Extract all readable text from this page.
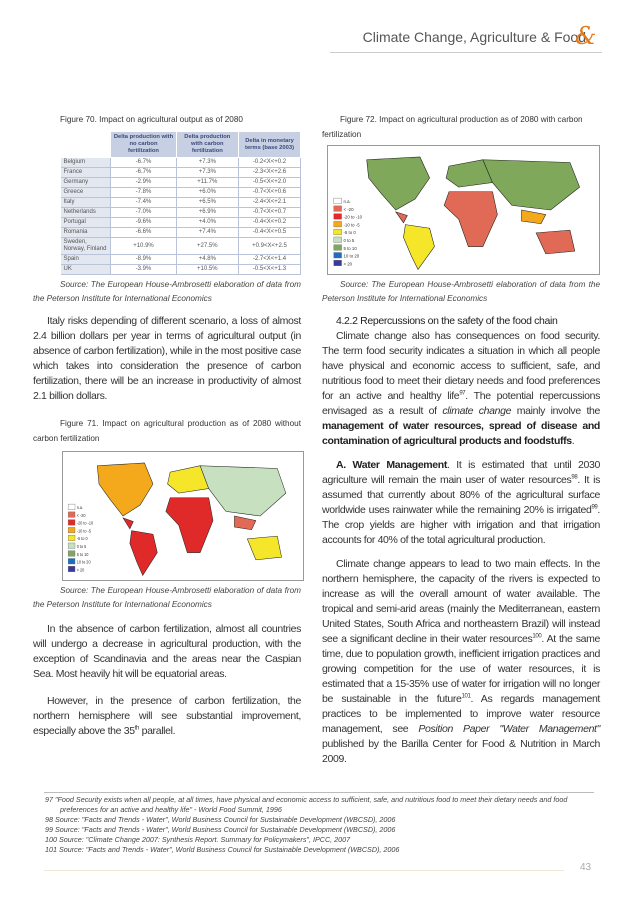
Climate Change, Agriculture & Food
&

Figure 70. Impact on agricultural output as of 2080

	Delta production with no carbon fertilization	Delta production with carbon fertilization	Delta in monetary terms (base 2003)
Belgium	-6.7%	+7.3%	-0.2<X<+0.2
France	-6.7%	+7.3%	-2.3<X<+2.6
Germany	-2.9%	+11.7%	-0.5<X<+2.0
Greece	-7.8%	+6.0%	-0.7<X<+0.6
Italy	-7.4%	+6.5%	-2.4<X<+2.1
Netherlands	-7.0%	+6.9%	-0.7<X<+0.7
Portugal	-9.6%	+4.0%	-0.4<X<+0.2
Romania	-6.6%	+7.4%	-0.4<X<+0.5
Sweden, Norway, Finland	+10.9%	+27.5%	+0.9<X<+2.5
Spain	-8.9%	+4.8%	-2.7<X<+1.4
UK	-3.9%	+10.5%	-0.5<X<+1.3

Source: The European House-Ambrosetti elaboration of data from the Peterson Institute for International Economics

Italy risks depending of different scenario, a loss of almost 2.4 billion dollars per year in terms of agricultural output (in absence of carbon fertilization), while in the most positive case which takes into consideration the presence of carbon fertilization, there will be an increase in productivity of almost 2.1 billion dollars.

Figure 71. Impact on agricultural production as of 2080 without carbon fertilization

n.a.
< -20
-20 to -10
-10 to -5
-5 to 0
0 to 5
5 to 10
10 to 20
> 20

Source: The European House-Ambrosetti elaboration of data from the Peterson Institute for International Economics

In the absence of carbon fertilization, almost all countries will undergo a decrease in agricultural production, with the exception of Scandinavia and the areas near the Caspian Sea. Most heavily hit will be equatorial areas.

However, in the presence of carbon fertilization, the northern hemisphere will see substantial improvement, especially above the 35th parallel.

Figure 72. Impact on agricultural production as of 2080 with carbon fertilization

n.a.
< -20
-20 to -10
-10 to -5
-5 to 0
0 to 5
5 to 10
10 to 20
> 20

Source: The European House-Ambrosetti elaboration of data from the Peterson Institute for International Economics

4.2.2 Repercussions on the safety of the food chain

Climate change also has consequences on food security. The term food security indicates a situation in which all people have physical and economic access to sufficient, safe, and nutritious food to meet their dietary needs and food preferences for an active and healthy life$^{97}$. The potential repercussions envisaged as a result of climate change mainly involve the management of water resources, spread of disease and contamination of agricultural products and foodstuffs.

A. Water Management. It is estimated that until 2030 agriculture will remain the main user of water resources$^{98}$. It is assumed that currently about 80% of the agricultural surface worldwide uses rainwater while the remaining 20% is irrigated$^{99}$. The crop yields are higher with irrigation and that irrigation accounts for 40% of the total agricultural production.

Climate change appears to lead to two main effects. In the northern hemisphere, the capacity of the rivers is expected to increase as will the overall amount of water available. The tropical and semi-arid areas (mainly the Mediterranean, eastern United States, South Africa and northeastern Brazil) will instead see a significant decline in their water resources$^{100}$. At the same time, due to population growth, inefficient irrigation practices and growing competition for the use of water resources, it is estimated that a 15-35% use of water for irrigation will no longer be sustainable in the future$^{101}$. As regards management practices to be implemented to improve water resource management, see Position Paper "Water Management" published by the Barilla Center for Food & Nutrition in March 2009.

97 "Food Security exists when all people, at all times, have physical and economic access to sufficient, safe, and nutritious food to meet their dietary needs and food preferences for an active and healthy life" - World Food Summit, 1996
98 Source: "Facts and Trends - Water", World Business Council for Sustainable Development (WBCSD), 2006
99 Source: "Facts and Trends - Water", World Business Council for Sustainable Development (WBCSD), 2006
100 Source: "Climate Change 2007: Synthesis Report. Summary for Policymakers", IPCC, 2007
101 Source: "Facts and Trends - Water", World Business Council for Sustainable Development (WBCSD), 2006
43
